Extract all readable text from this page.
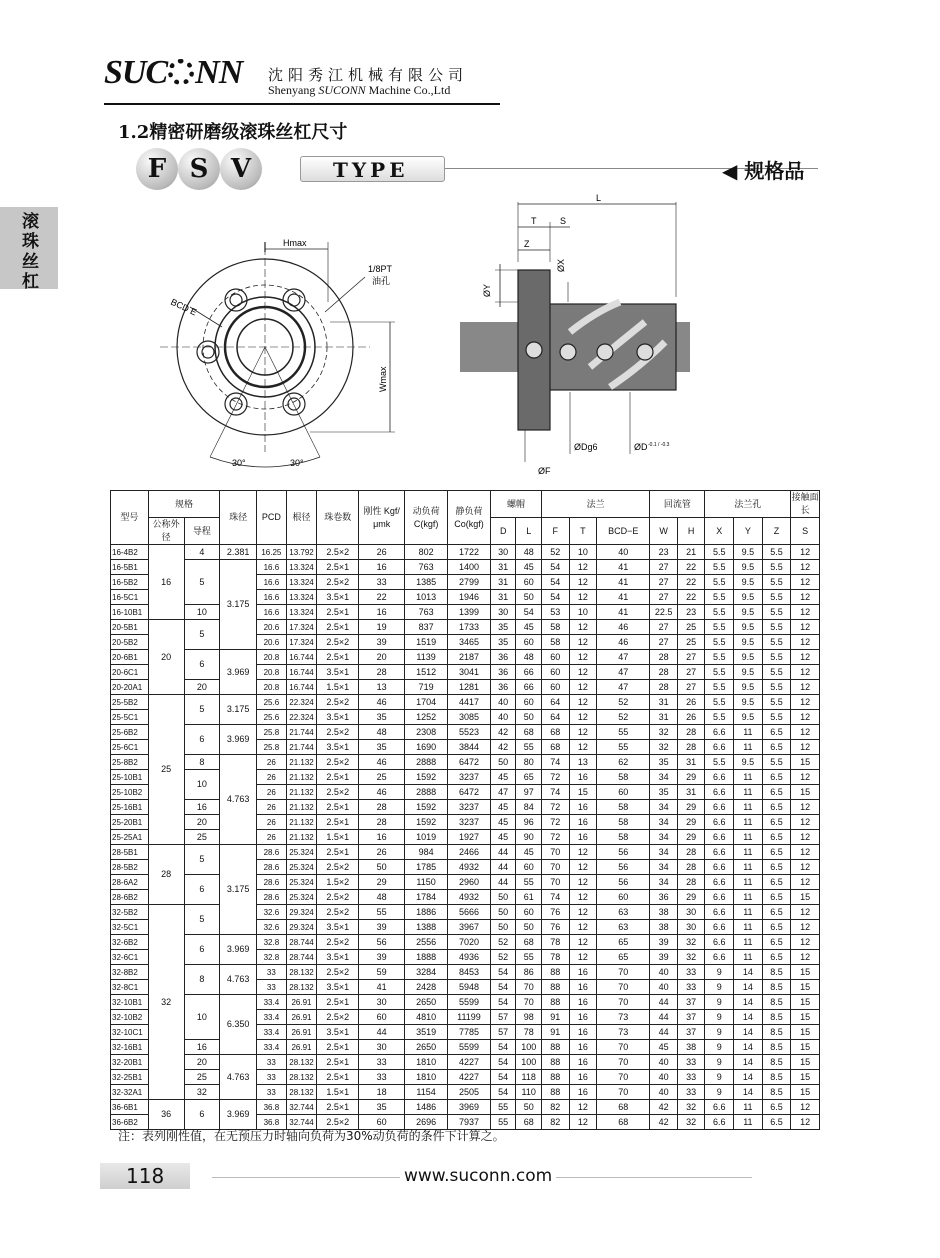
SUC NN 沈阳秀江机械有限公司
Shenyang SUCONN Machine Co.,Ltd
1.2精密研磨级滚珠丝杠尺寸
F S V	TYPE	◀ 规格品
滚珠丝杠
Hmax
BCD E
1/8PT
油孔
Wmax
30°	30°
L
T	S
Z
ØY
ØX
ØDg6	ØD -0.1 / -0.3
ØF
型号	规格		珠径	PCD	根径	珠卷数	刚性 Kgf/μmk	动负荷 C(kgf)	静负荷 Co(kgf)	螺帽		法兰			回流管		法兰孔			接触面长
	公称外径	导程								D	L	F	T	BCD−E	W	H	X	Y	Z	S
16-4B2	16	4	2.381	16.25	13.792	2.5×2	26	802	1722	30	48	52	10	40	23	21	5.5	9.5	5.5	12
16-5B1		5	3.175	16.6	13.324	2.5×1	16	763	1400	31	45	54	12	41	27	22	5.5	9.5	5.5	12
16-5B2				16.6	13.324	2.5×2	33	1385	2799	31	60	54	12	41	27	22	5.5	9.5	5.5	12
16-5C1				16.6	13.324	3.5×1	22	1013	1946	31	50	54	12	41	27	22	5.5	9.5	5.5	12
16-10B1		10		16.6	13.324	2.5×1	16	763	1399	30	54	53	10	41	22.5	23	5.5	9.5	5.5	12
20-5B1	20	5		20.6	17.324	2.5×1	19	837	1733	35	45	58	12	46	27	25	5.5	9.5	5.5	12
20-5B2				20.6	17.324	2.5×2	39	1519	3465	35	60	58	12	46	27	25	5.5	9.5	5.5	12
20-6B1		6	3.969	20.8	16.744	2.5×1	20	1139	2187	36	48	60	12	47	28	27	5.5	9.5	5.5	12
20-6C1				20.8	16.744	3.5×1	28	1512	3041	36	66	60	12	47	28	27	5.5	9.5	5.5	12
20-20A1		20		20.8	16.744	1.5×1	13	719	1281	36	66	60	12	47	28	27	5.5	9.5	5.5	12
25-5B2	25	5	3.175	25.6	22.324	2.5×2	46	1704	4417	40	60	64	12	52	31	26	5.5	9.5	5.5	12
25-5C1				25.6	22.324	3.5×1	35	1252	3085	40	50	64	12	52	31	26	5.5	9.5	5.5	12
25-6B2		6	3.969	25.8	21.744	2.5×2	48	2308	5523	42	68	68	12	55	32	28	6.6	11	6.5	12
25-6C1				25.8	21.744	3.5×1	35	1690	3844	42	55	68	12	55	32	28	6.6	11	6.5	12
25-8B2		8	4.763	26	21.132	2.5×2	46	2888	6472	50	80	74	13	62	35	31	5.5	9.5	5.5	15
25-10B1		10		26	21.132	2.5×1	25	1592	3237	45	65	72	16	58	34	29	6.6	11	6.5	12
25-10B2				26	21.132	2.5×2	46	2888	6472	47	97	74	15	60	35	31	6.6	11	6.5	15
25-16B1		16		26	21.132	2.5×1	28	1592	3237	45	84	72	16	58	34	29	6.6	11	6.5	12
25-20B1		20		26	21.132	2.5×1	28	1592	3237	45	96	72	16	58	34	29	6.6	11	6.5	12
25-25A1		25		26	21.132	1.5×1	16	1019	1927	45	90	72	16	58	34	29	6.6	11	6.5	12
28-5B1	28	5	3.175	28.6	25.324	2.5×1	26	984	2466	44	45	70	12	56	34	28	6.6	11	6.5	12
28-5B2				28.6	25.324	2.5×2	50	1785	4932	44	60	70	12	56	34	28	6.6	11	6.5	12
28-6A2		6		28.6	25.324	1.5×2	29	1150	2960	44	55	70	12	56	34	28	6.6	11	6.5	12
28-6B2				28.6	25.324	2.5×2	48	1784	4932	50	61	74	12	60	36	29	6.6	11	6.5	15
32-5B2	32	5		32.6	29.324	2.5×2	55	1886	5666	50	60	76	12	63	38	30	6.6	11	6.5	12
32-5C1				32.6	29.324	3.5×1	39	1388	3967	50	50	76	12	63	38	30	6.6	11	6.5	12
32-6B2		6	3.969	32.8	28.744	2.5×2	56	2556	7020	52	68	78	12	65	39	32	6.6	11	6.5	12
32-6C1				32.8	28.744	3.5×1	39	1888	4936	52	55	78	12	65	39	32	6.6	11	6.5	12
32-8B2		8	4.763	33	28.132	2.5×2	59	3284	8453	54	86	88	16	70	40	33	9	14	8.5	15
32-8C1				33	28.132	3.5×1	41	2428	5948	54	70	88	16	70	40	33	9	14	8.5	15
32-10B1		10	6.350	33.4	26.91	2.5×1	30	2650	5599	54	70	88	16	70	44	37	9	14	8.5	15
32-10B2				33.4	26.91	2.5×2	60	4810	11199	57	98	91	16	73	44	37	9	14	8.5	15
32-10C1				33.4	26.91	3.5×1	44	3519	7785	57	78	91	16	73	44	37	9	14	8.5	15
32-16B1		16		33.4	26.91	2.5×1	30	2650	5599	54	100	88	16	70	45	38	9	14	8.5	15
32-20B1		20	4.763	33	28.132	2.5×1	33	1810	4227	54	100	88	16	70	40	33	9	14	8.5	15
32-25B1		25		33	28.132	2.5×1	33	1810	4227	54	118	88	16	70	40	33	9	14	8.5	15
32-32A1		32		33	28.132	1.5×1	18	1154	2505	54	110	88	16	70	40	33	9	14	8.5	15
36-6B1	36	6	3.969	36.8	32.744	2.5×1	35	1486	3969	55	50	82	12	68	42	32	6.6	11	6.5	12
36-6B2				36.8	32.744	2.5×2	60	2696	7937	55	68	82	12	68	42	32	6.6	11	6.5	12
注：表列刚性值，在无预压力时轴向负荷为30%动负荷的条件下计算之。
118	www.suconn.com
